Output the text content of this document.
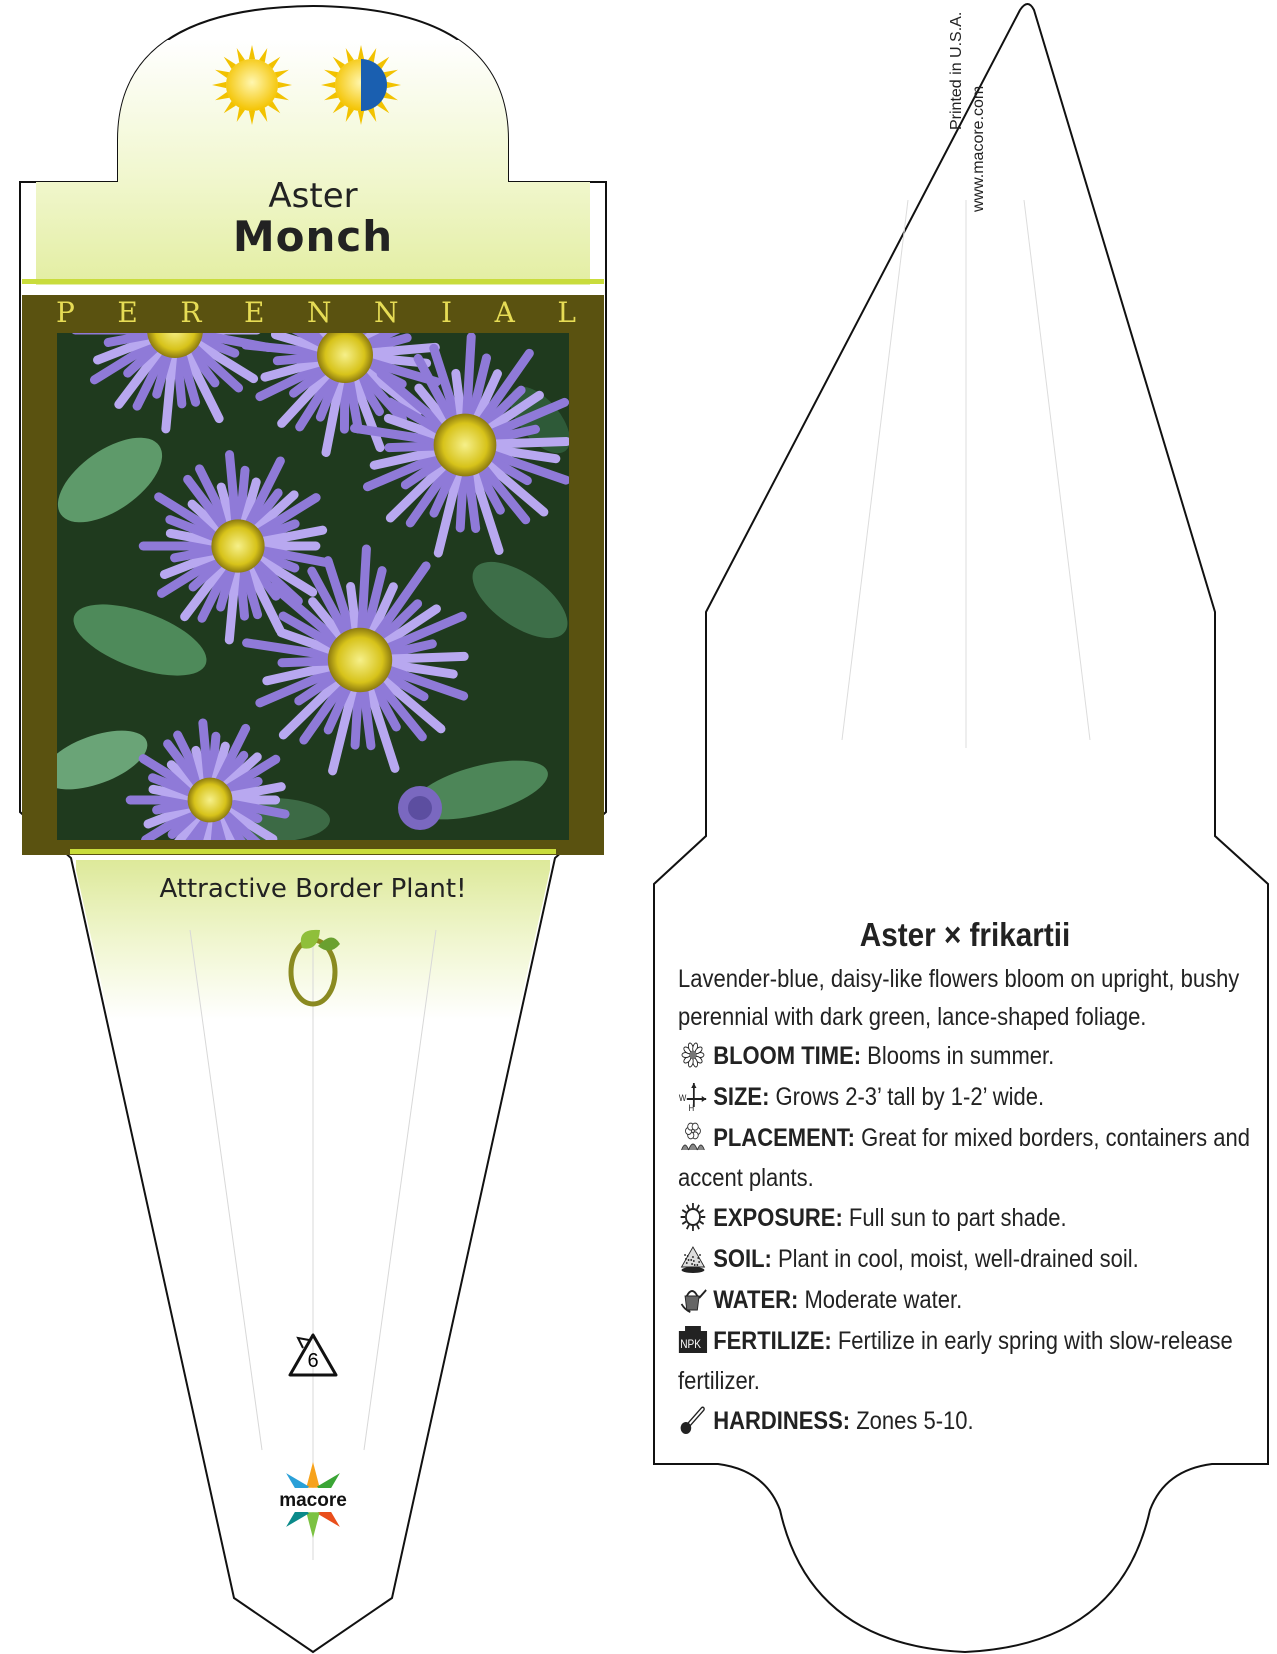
Aster
Monch
P E R E N N I A L
Attractive Border Plant!
6
macore
Printed in U.S.A.
www.macore.com
Aster × frikartii
Lavender-blue, daisy-like flowers bloom on upright, bushy perennial with dark green, lance-shaped foliage.
BLOOM TIME: Blooms in summer.
W
H SIZE: Grows 2-3’ tall by 1-2’ wide.
PLACEMENT: Great for mixed borders, containers and accent plants.
EXPOSURE: Full sun to part shade.
SOIL: Plant in cool, moist, well-drained soil.
WATER: Moderate water.
NPK FERTILIZE: Fertilize in early spring with slow-release fertilizer.
HARDINESS: Zones 5-10.
